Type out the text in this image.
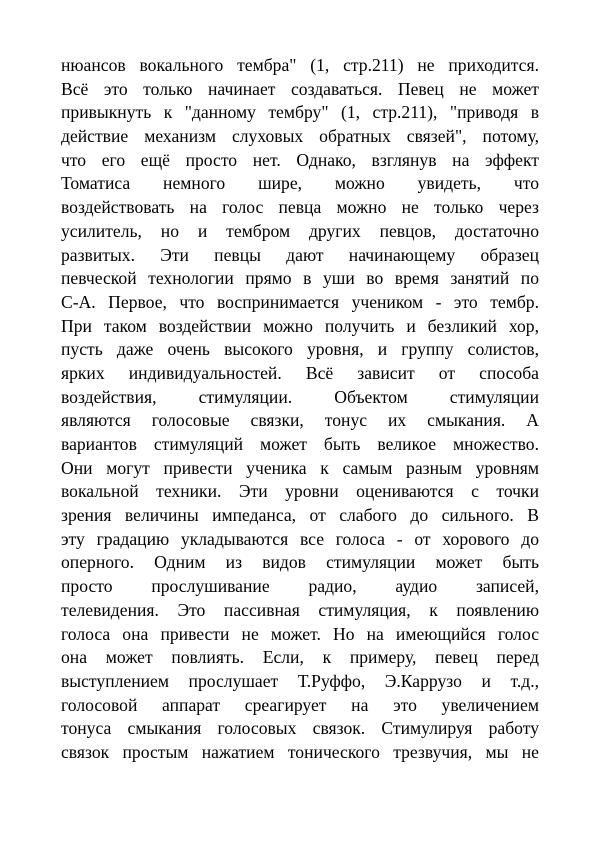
нюансов вокального тембра" (1, стр.211) не приходится.
Всё это только начинает создаваться. Певец не может
привыкнуть к "данному тембру" (1, стр.211), "приводя в
действие механизм слуховых обратных связей", потому,
что его ещё просто нет. Однако, взглянув на эффект
Томатиса немного шире, можно увидеть, что
воздействовать на голос певца можно не только через
усилитель, но и тембром других певцов, достаточно
развитых. Эти певцы дают начинающему образец
певческой технологии прямо в уши во время занятий по
С-А. Первое, что воспринимается учеником - это тембр.
При таком воздействии можно получить и безликий хор,
пусть даже очень высокого уровня, и группу солистов,
ярких индивидуальностей. Всё зависит от способа
воздействия, стимуляции. Объектом стимуляции
являются голосовые связки, тонус их смыкания. А
вариантов стимуляций может быть великое множество.
Они могут привести ученика к самым разным уровням
вокальной техники. Эти уровни оцениваются с точки
зрения величины импеданса, от слабого до сильного. В
эту градацию укладываются все голоса - от хорового до
оперного. Одним из видов стимуляции может быть
просто прослушивание радио, аудио записей,
телевидения. Это пассивная стимуляция, к появлению
голоса она привести не может. Но на имеющийся голос
она может повлиять. Если, к примеру, певец перед
выступлением прослушает Т.Руффо, Э.Каррузо и т.д.,
голосовой аппарат среагирует на это увеличением
тонуса смыкания голосовых связок. Стимулируя работу
связок простым нажатием тонического трезвучия, мы не
